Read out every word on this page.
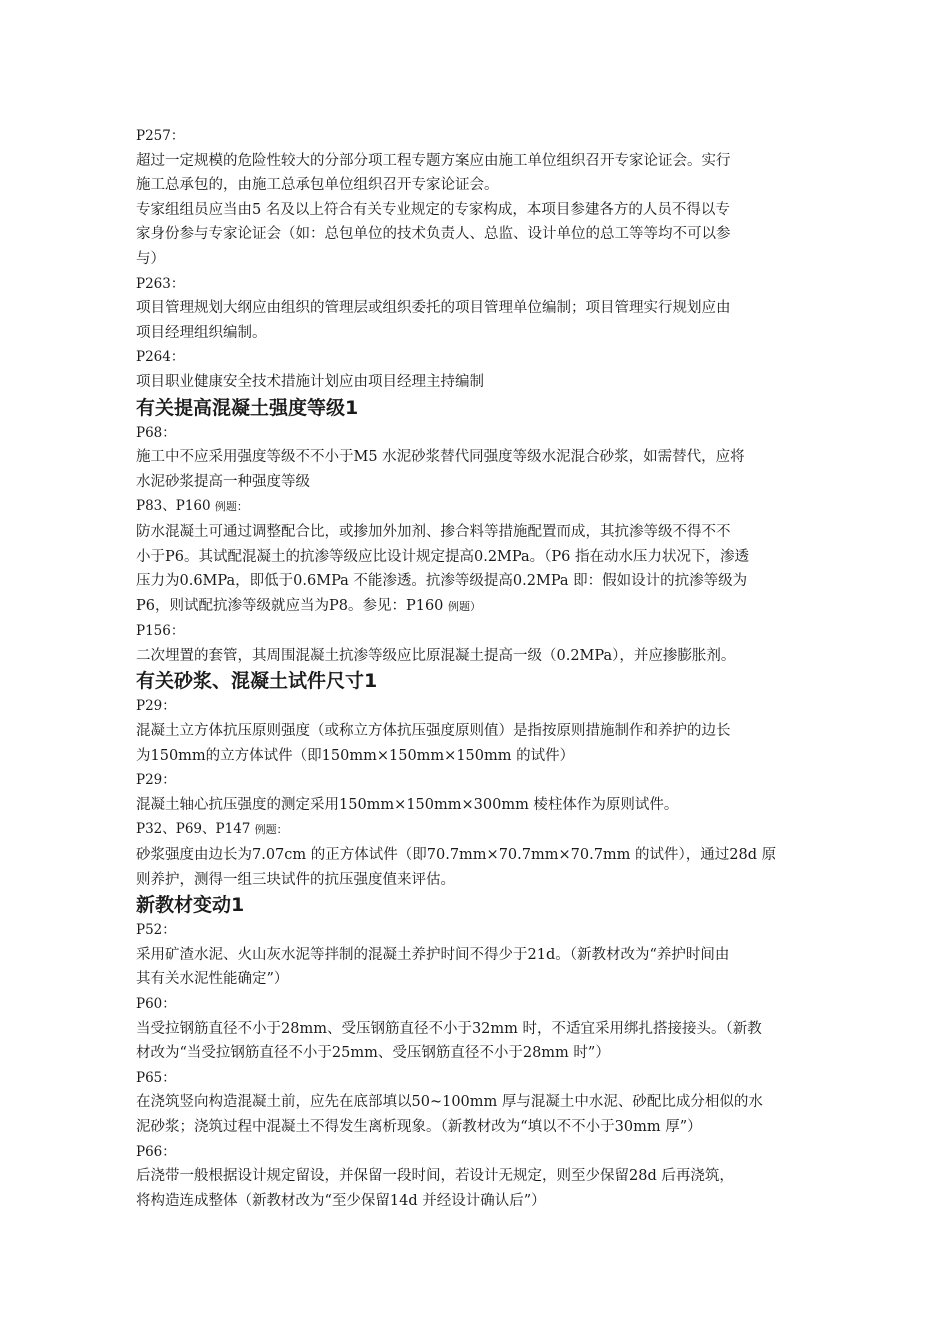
P257：
超过一定规模的危险性较大的分部分项工程专题方案应由施工单位组织召开专家论证会。实行
施工总承包的，由施工总承包单位组织召开专家论证会。
专家组组员应当由5 名及以上符合有关专业规定的专家构成，本项目参建各方的人员不得以专
家身份参与专家论证会（如：总包单位的技术负责人、总监、设计单位的总工等等均不可以参
与）
P263：
项目管理规划大纲应由组织的管理层或组织委托的项目管理单位编制；项目管理实行规划应由
项目经理组织编制。
P264：
项目职业健康安全技术措施计划应由项目经理主持编制
有关提高混凝土强度等级1
P68：
施工中不应采用强度等级不不小于M5 水泥砂浆替代同强度等级水泥混合砂浆，如需替代，应将
水泥砂浆提高一种强度等级
P83、P160 例题：
防水混凝土可通过调整配合比，或掺加外加剂、掺合料等措施配置而成，其抗渗等级不得不不
小于P6。其试配混凝土的抗渗等级应比设计规定提高0.2MPa。（P6 指在动水压力状况下，渗透
压力为0.6MPa，即低于0.6MPa 不能渗透。抗渗等级提高0.2MPa 即：假如设计的抗渗等级为
P6，则试配抗渗等级就应当为P8。参见：P160 例题）
P156：
二次埋置的套管，其周围混凝土抗渗等级应比原混凝土提高一级（0.2MPa），并应掺膨胀剂。
有关砂浆、混凝土试件尺寸1
P29：
混凝土立方体抗压原则强度（或称立方体抗压强度原则值）是指按原则措施制作和养护的边长
为150mm的立方体试件（即150mm×150mm×150mm 的试件）
P29：
混凝土轴心抗压强度的测定采用150mm×150mm×300mm 棱柱体作为原则试件。
P32、P69、P147 例题：
砂浆强度由边长为7.07cm 的正方体试件（即70.7mm×70.7mm×70.7mm 的试件），通过28d 原
则养护，测得一组三块试件的抗压强度值来评估。
新教材变动1
P52：
采用矿渣水泥、火山灰水泥等拌制的混凝土养护时间不得少于21d。（新教材改为“养护时间由
其有关水泥性能确定”）
P60：
当受拉钢筋直径不小于28mm、受压钢筋直径不小于32mm 时，不适宜采用绑扎搭接接头。（新教
材改为“当受拉钢筋直径不小于25mm、受压钢筋直径不小于28mm 时”）
P65：
在浇筑竖向构造混凝土前，应先在底部填以50~100mm 厚与混凝土中水泥、砂配比成分相似的水
泥砂浆；浇筑过程中混凝土不得发生离析现象。（新教材改为“填以不不小于30mm 厚”）
P66：
后浇带一般根据设计规定留设，并保留一段时间，若设计无规定，则至少保留28d 后再浇筑，
将构造连成整体（新教材改为“至少保留14d 并经设计确认后”）
